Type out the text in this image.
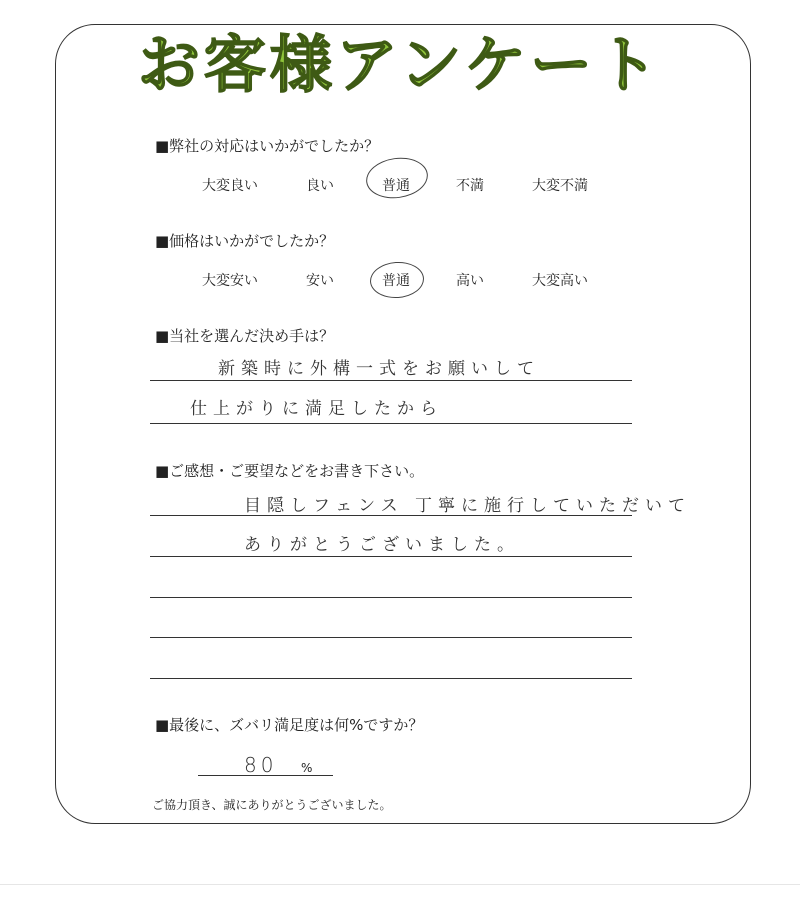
お客様アンケート
■弊社の対応はいかがでしたか？
大変良い	良い	普通	不満	大変不満
■価格はいかがでしたか？
大変安い	安い	普通	高い	大変高い
■当社を選んだ決め手は？
新築時に外構一式をお願いして
仕上がりに満足したから
■ご感想・ご要望などをお書き下さい。
目隠しフェンス 丁寧に施行していただいて
ありがとうございました。
■最後に、ズバリ満足度は何%ですか？
80 %
ご協力頂き、誠にありがとうございました。
